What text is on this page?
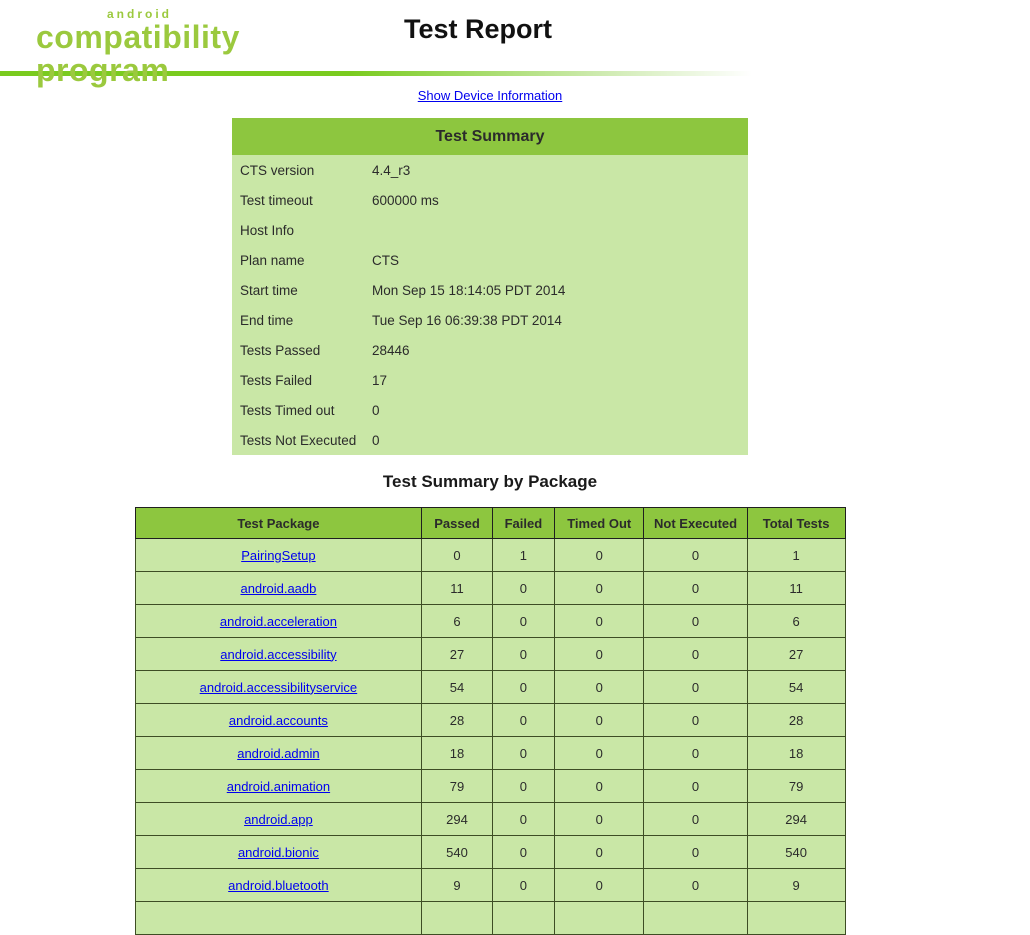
android
compatibility program
Test Report
Show Device Information
Test Summary	
CTS version	4.4_r3
Test timeout	600000 ms
Host Info	
Plan name	CTS
Start time	Mon Sep 15 18:14:05 PDT 2014
End time	Tue Sep 16 06:39:38 PDT 2014
Tests Passed	28446
Tests Failed	17
Tests Timed out	0
Tests Not Executed	0
Test Summary by Package
Test Package	Passed	Failed	Timed Out	Not Executed	Total Tests
PairingSetup	0	1	0	0	1
android.aadb	11	0	0	0	11
android.acceleration	6	0	0	0	6
android.accessibility	27	0	0	0	27
android.accessibilityservice	54	0	0	0	54
android.accounts	28	0	0	0	28
android.admin	18	0	0	0	18
android.animation	79	0	0	0	79
android.app	294	0	0	0	294
android.bionic	540	0	0	0	540
android.bluetooth	9	0	0	0	9
